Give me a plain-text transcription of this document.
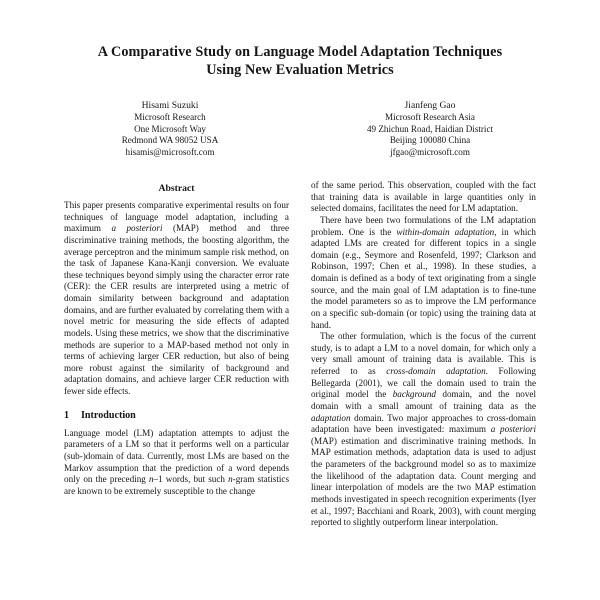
A Comparative Study on Language Model Adaptation Techniques
Using New Evaluation Metrics
Hisami Suzuki
Microsoft Research
One Microsoft Way
Redmond WA 98052 USA
hisamis@microsoft.com
Jianfeng Gao
Microsoft Research Asia
49 Zhichun Road, Haidian District
Beijing 100080 China
jfgao@microsoft.com
Abstract

This paper presents comparative experimental results on four techniques of language model adaptation, including a maximum a posteriori (MAP) method and three discriminative training methods, the boosting algorithm, the average perceptron and the minimum sample risk method, on the task of Japanese Kana-Kanji conversion. We evaluate these techniques beyond simply using the character error rate (CER): the CER results are interpreted using a metric of domain similarity between background and adaptation domains, and are further evaluated by correlating them with a novel metric for measuring the side effects of adapted models. Using these metrics, we show that the discriminative methods are superior to a MAP-based method not only in terms of achieving larger CER reduction, but also of being more robust against the similarity of background and adaptation domains, and achieve larger CER reduction with fewer side effects.

1	Introduction

Language model (LM) adaptation attempts to adjust the parameters of a LM so that it performs well on a particular (sub-)domain of data. Currently, most LMs are based on the Markov assumption that the prediction of a word depends only on the preceding n–1 words, but such n-gram statistics are known to be extremely susceptible to the change

of the same period. This observation, coupled with the fact that training data is available in large quantities only in selected domains, facilitates the need for LM adaptation.

There have been two formulations of the LM adaptation problem. One is the within-domain adaptation, in which adapted LMs are created for different topics in a single domain (e.g., Seymore and Rosenfeld, 1997; Clarkson and Robinson, 1997; Chen et al., 1998). In these studies, a domain is defined as a body of text originating from a single source, and the main goal of LM adaptation is to fine-tune the model parameters so as to improve the LM performance on a specific sub-domain (or topic) using the training data at hand.

The other formulation, which is the focus of the current study, is to adapt a LM to a novel domain, for which only a very small amount of training data is available. This is referred to as cross-domain adaptation. Following Bellegarda (2001), we call the domain used to train the original model the background domain, and the novel domain with a small amount of training data as the adaptation domain. Two major approaches to cross-domain adaptation have been investigated: maximum a posteriori (MAP) estimation and discriminative training methods. In MAP estimation methods, adaptation data is used to adjust the parameters of the background model so as to maximize the likelihood of the adaptation data. Count merging and linear interpolation of models are the two MAP estimation methods investigated in speech recognition experiments (Iyer et al., 1997; Bacchiani and Roark, 2003), with count merging reported to slightly outperform linear interpolation.
